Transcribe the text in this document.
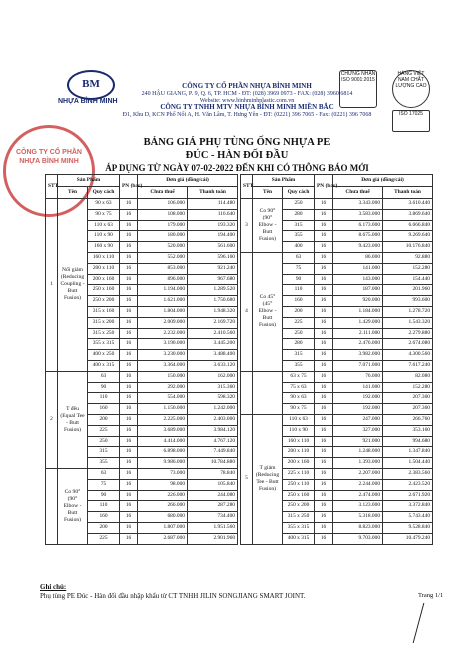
BM
NHỰA BÌNH MINH
CÔNG TY CỔ PHẦN NHỰA BÌNH MINH
240 HẬU GIANG, P. 9, Q. 6, TP. HCM - ĐT: (028) 3969 0973 - FAX: (028) 3960 6814
Website: www.binhminhplastic.com.vn
CÔNG TY TNHH MTV NHỰA BÌNH MINH MIỀN BẮC
Đ1, Khu D, KCN Phố Nối A, H. Văn Lâm, T. Hưng Yên - ĐT: (0221) 396 7065 - Fax: (0221) 396 7068
CHỨNG NHẬN ISO 9001:2015
HÀNG VIỆT NAM CHẤT LƯỢNG CAO
ISO 17025
CÔNG TY CỔ PHẦN NHỰA BÌNH MINH
BẢNG GIÁ PHỤ TÙNG ỐNG NHỰA PE
ĐÚC - HÀN ĐỐI ĐẦU
ÁP DỤNG TỪ NGÀY 07-02-2022 ĐẾN KHI CÓ THÔNG BÁO MỚI
STT	Sản Phẩm		PN (bar)	Đơn giá (đồng/cái)	
	Tên	Quy cách		Chưa thuế	Thanh toán
1	Nối giảm (Reducing Coupling - Butt Fusion)	90 x 63	16	106.000	114.480
		90 x 75	16	108.000	116.640
		110 x 63	16	179.000	193.320
		110 x 90	16	180.000	194.400
		160 x 90	16	520.000	561.600
		160 x 110	16	552.000	596.160
		200 x 110	16	853.000	921.240
		200 x 160	16	896.000	967.680
		250 x 160	16	1.194.000	1.289.520
		250 x 200	16	1.621.000	1.750.680
		315 x 160	16	1.804.000	1.948.320
		315 x 200	16	2.009.000	2.169.720
		315 x 250	16	2.232.000	2.410.560
		355 x 315	16	3.190.000	3.445.200
		400 x 250	16	3.230.000	3.488.400
		400 x 315	16	3.364.000	3.633.120
2	T đều (Equal Tee - Butt Fusion)	63	16	150.000	162.000
		90	16	292.000	315.360
		110	16	554.000	598.320
		160	16	1.150.000	1.242.000
		200	16	2.225.000	2.403.000
		225	16	3.689.000	3.984.120
		250	16	4.414.000	4.767.120
		315	16	6.898.000	7.449.840
		355	16	9.986.000	10.784.880
	Co 90° (90° Elbow - Butt Fusion)	63	16	73.000	78.840
		75	16	98.000	105.840
		90	16	226.000	244.080
		110	16	266.000	287.280
		160	16	680.000	734.400
		200	16	1.807.000	1.951.560
		225	16	2.687.000	2.901.960
STT	Sản Phẩm		PN (bar)	Đơn giá (đồng/cái)	
	Tên	Quy cách		Chưa thuế	Thanh toán
3	Co 90° (90° Elbow - Butt Fusion)	250	16	3.343.000	3.610.440
		280	16	3.583.000	3.869.640
		315	16	6.173.000	6.666.840
		355	16	8.675.000	9.269.640
		400	16	9.423.000	10.176.840
4	Co 45° (45° Elbow - Butt Fusion)	63	16	86.000	92.880
		75	16	141.000	152.280
		90	16	143.000	154.440
		110	16	187.000	201.960
		160	16	920.000	993.600
		200	16	1.184.000	1.278.720
		225	16	1.429.000	1.543.320
		250	16	2.111.000	2.279.880
		280	16	2.476.000	2.674.080
		315	16	3.982.000	4.300.560
		355	16	7.071.000	7.617.240
		63 x 75	16	76.000	82.080
		75 x 63	16	141.000	152.280
		90 x 63	16	192.000	207.360
		90 x 75	16	192.000	207.360
5	T giảm (Reducing Tee - Butt Fusion)	110 x 63	16	247.000	266.760
		110 x 90	16	327.000	353.160
		160 x 110	16	921.000	994.680
		200 x 110	16	1.248.000	1.347.840
		200 x 160	16	1.393.000	1.504.440
		225 x 110	16	2.207.000	2.383.560
		250 x 110	16	2.244.000	2.423.520
		250 x 160	16	2.474.000	2.671.920
		250 x 200	16	3.123.000	3.372.840
		315 x 250	16	5.318.000	5.743.440
		355 x 315	16	8.823.000	9.528.840
		400 x 315	16	9.703.000	10.479.240
Ghi chú:
Phụ tùng PE Đúc - Hàn đối đầu nhập khẩu từ CT TNHH JILIN SONGJIANG SMART JOINT.	Trang 1/1
